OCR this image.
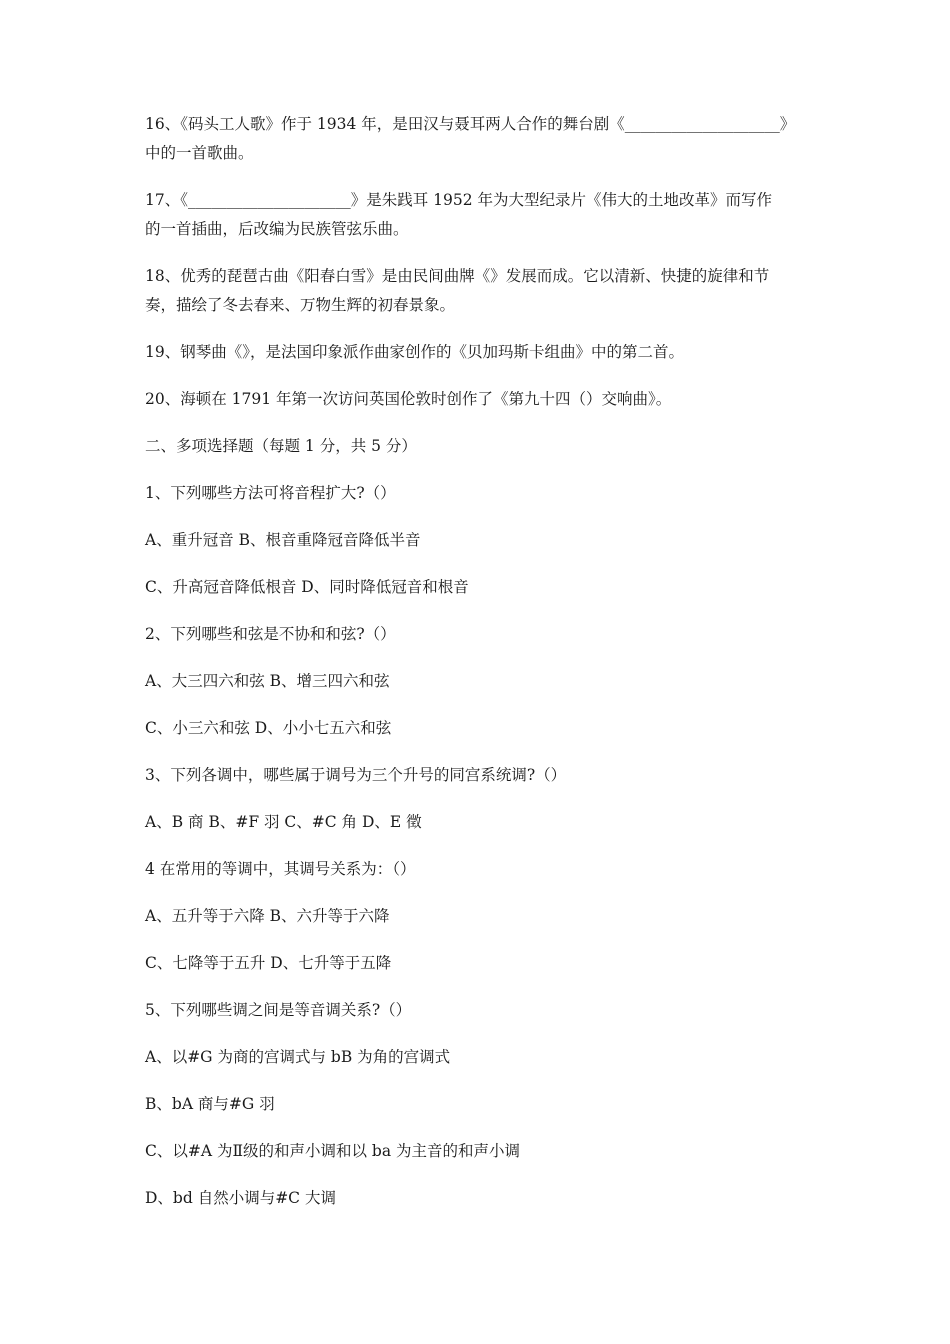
16、《码头工人歌》作于 1934 年，是田汉与聂耳两人合作的舞台剧《____________________》
中的一首歌曲。

17、《_____________________》是朱践耳 1952 年为大型纪录片《伟大的土地改革》而写作
的一首插曲，后改编为民族管弦乐曲。

18、优秀的琵琶古曲《阳春白雪》是由民间曲牌《》发展而成。它以清新、快捷的旋律和节
奏，描绘了冬去春来、万物生辉的初春景象。

19、钢琴曲《》，是法国印象派作曲家创作的《贝加玛斯卡组曲》中的第二首。

20、海顿在 1791 年第一次访问英国伦敦时创作了《第九十四（）交响曲》。

二、多项选择题（每题 1 分，共 5 分）

1、下列哪些方法可将音程扩大?（）

A、重升冠音 B、根音重降冠音降低半音

C、升高冠音降低根音 D、同时降低冠音和根音

2、下列哪些和弦是不协和和弦?（）

A、大三四六和弦 B、增三四六和弦

C、小三六和弦 D、小小七五六和弦

3、下列各调中，哪些属于调号为三个升号的同宫系统调?（）

A、B 商 B、#F 羽 C、#C 角 D、E 徵

4 在常用的等调中，其调号关系为：（）

A、五升等于六降 B、六升等于六降

C、七降等于五升 D、七升等于五降

5、下列哪些调之间是等音调关系?（）

A、以#G 为商的宫调式与 bB 为角的宫调式

B、bA 商与#G 羽

C、以#A 为Ⅱ级的和声小调和以 ba 为主音的和声小调

D、bd 自然小调与#C 大调
